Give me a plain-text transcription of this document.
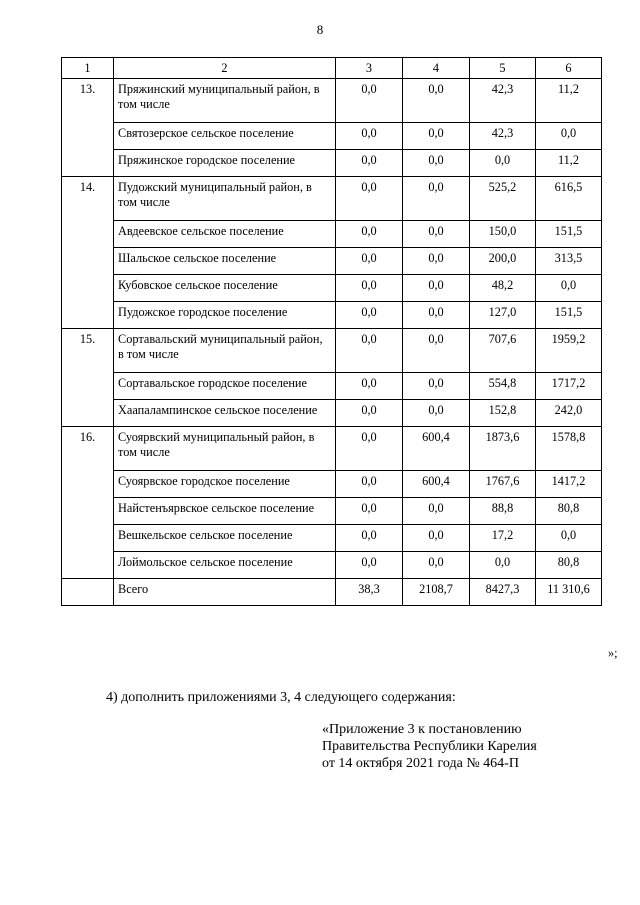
8
1	2	3	4	5	6
13.	Пряжинский муниципальный район, в том числе	0,0	0,0	42,3	11,2
	Святозерское сельское поселение	0,0	0,0	42,3	0,0
	Пряжинское городское поселение	0,0	0,0	0,0	11,2
14.	Пудожский муниципальный район, в том числе	0,0	0,0	525,2	616,5
	Авдеевское сельское поселение	0,0	0,0	150,0	151,5
	Шальское сельское поселение	0,0	0,0	200,0	313,5
	Кубовское сельское поселение	0,0	0,0	48,2	0,0
	Пудожское городское поселение	0,0	0,0	127,0	151,5
15.	Сортавальский муниципальный район, в том числе	0,0	0,0	707,6	1959,2
	Сортавальское городское поселение	0,0	0,0	554,8	1717,2
	Хаапалампинское сельское поселение	0,0	0,0	152,8	242,0
16.	Суоярвский муниципальный район, в том числе	0,0	600,4	1873,6	1578,8
	Суоярвское городское поселение	0,0	600,4	1767,6	1417,2
	Найстенъярвское сельское поселение	0,0	0,0	88,8	80,8
	Вешкельское сельское поселение	0,0	0,0	17,2	0,0
	Лоймольское сельское поселение	0,0	0,0	0,0	80,8
	Всего	38,3	2108,7	8427,3	11 310,6
»;
4) дополнить приложениями 3, 4 следующего содержания:
«Приложение 3 к постановлению
Правительства Республики Карелия
от 14 октября 2021 года № 464-П
